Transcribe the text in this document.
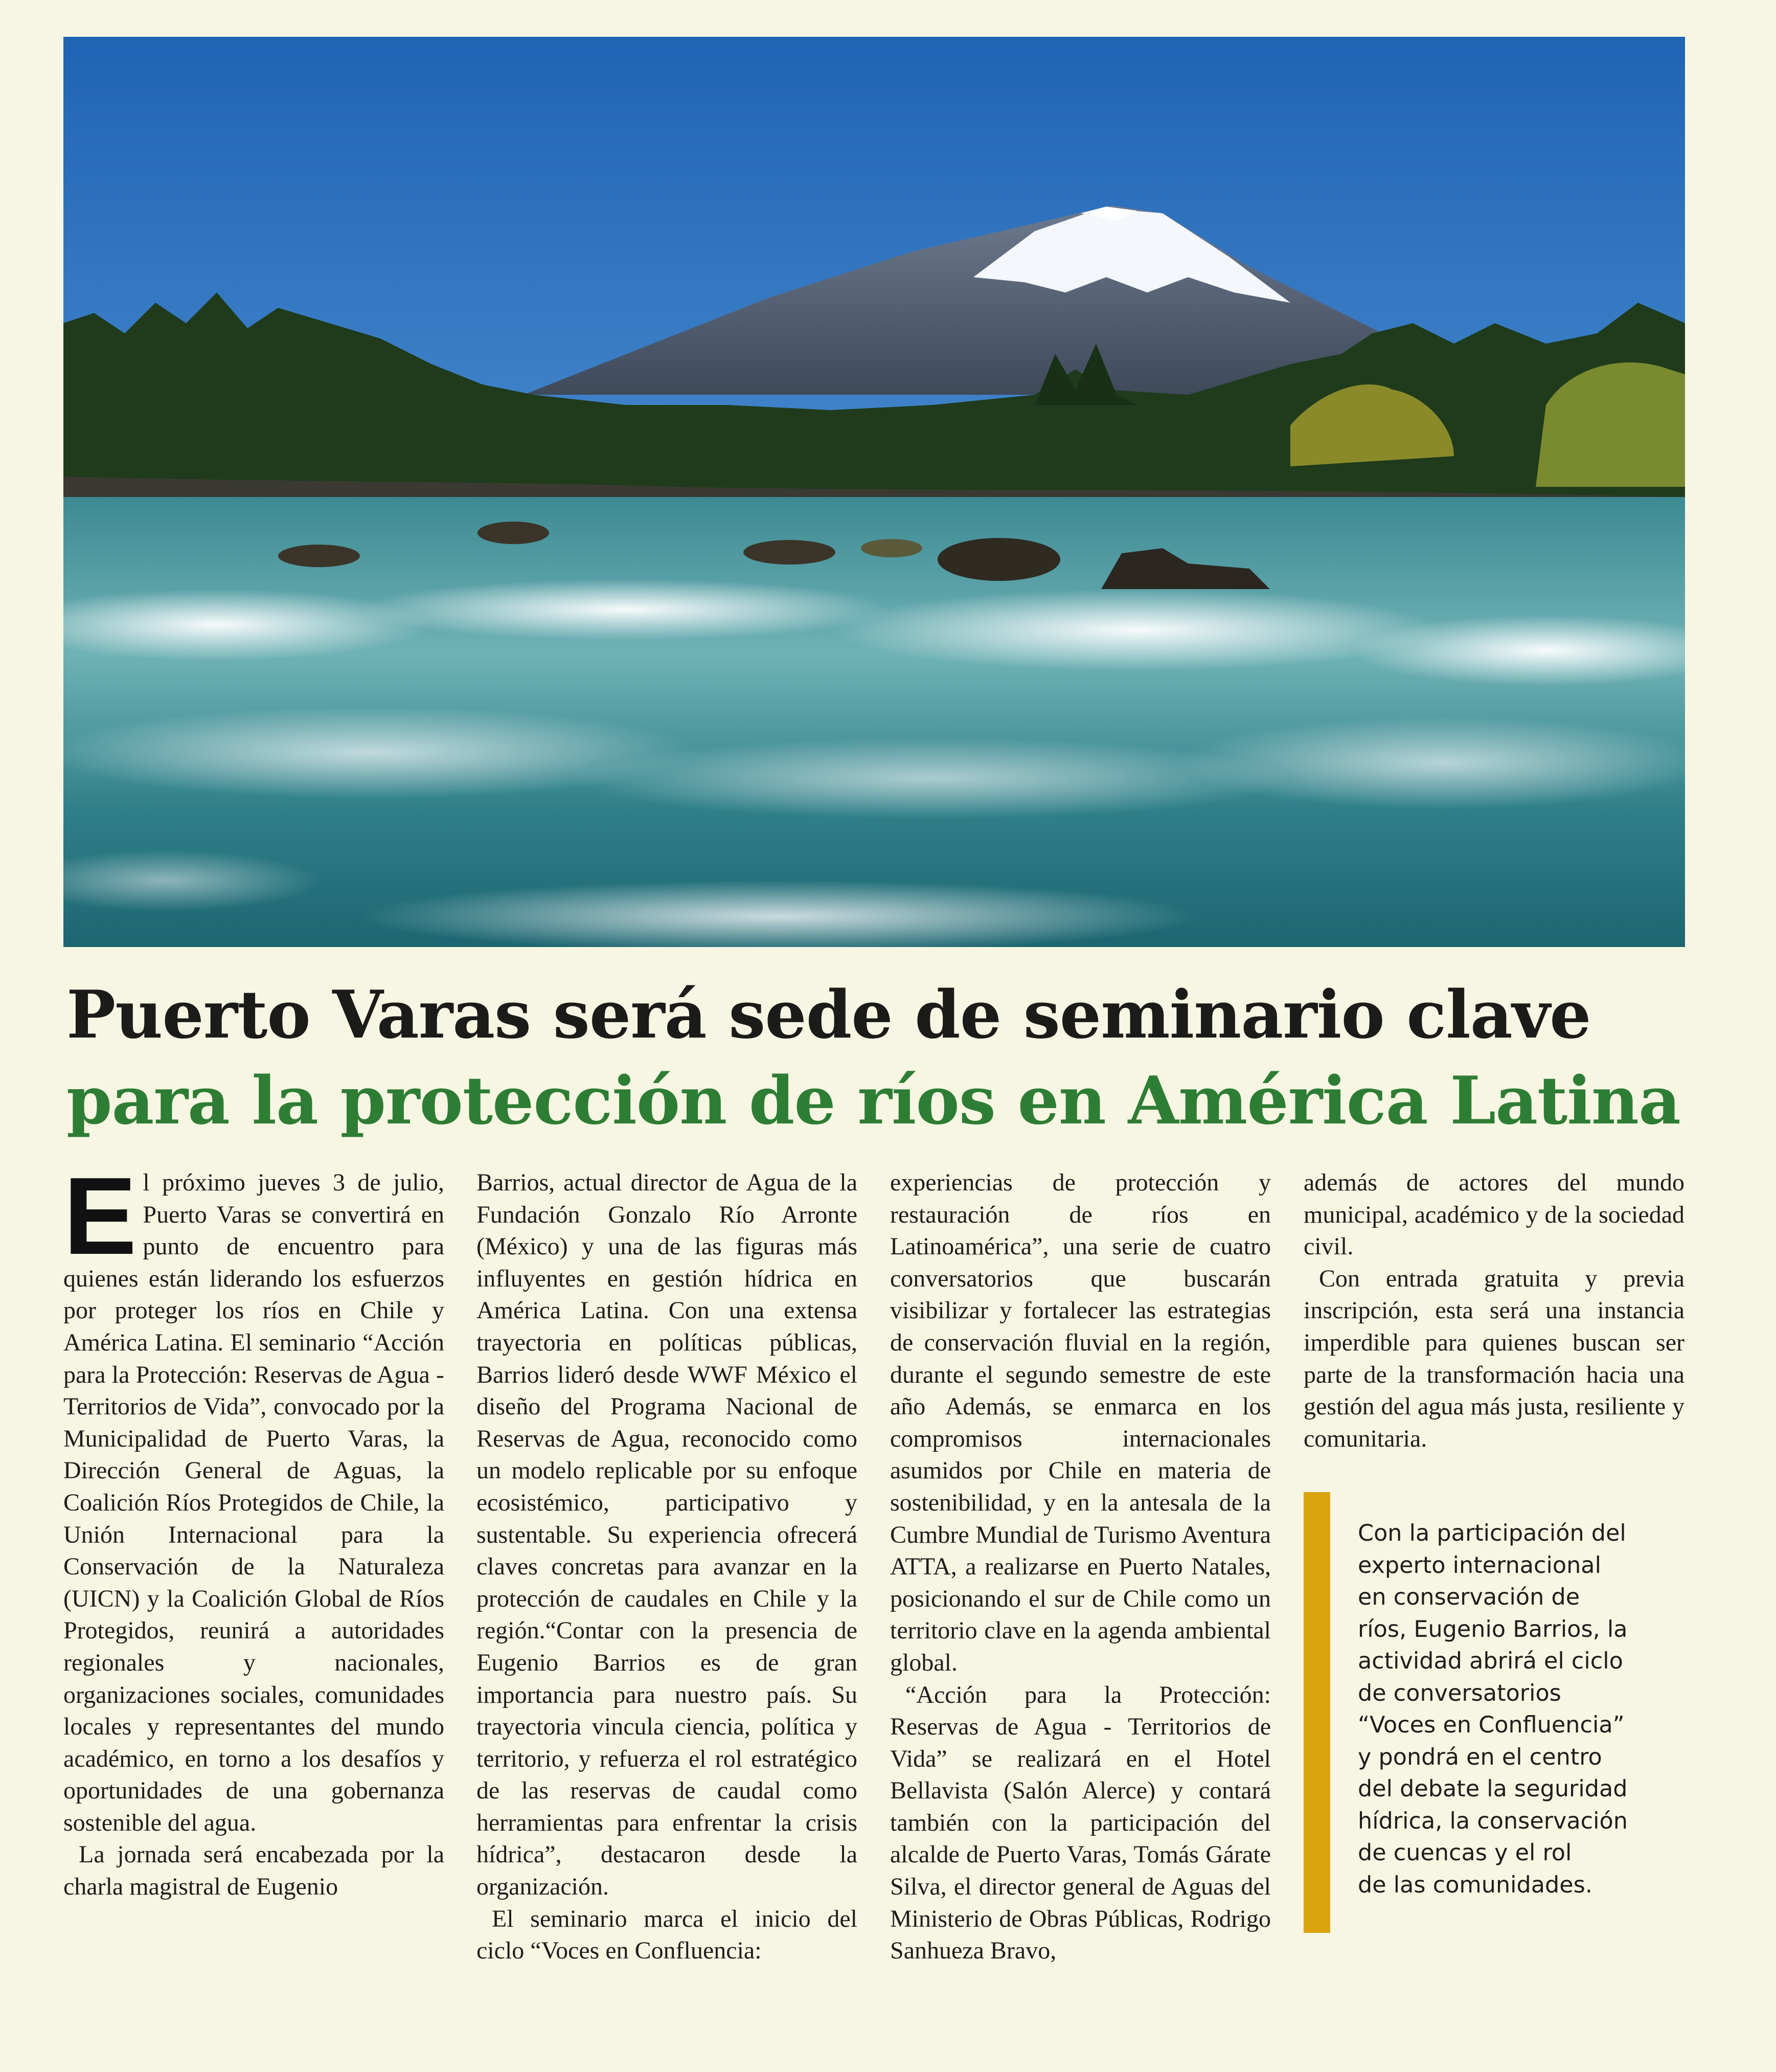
Puerto Varas será sede de seminario clave
para la protección de ríos en América Latina
E l próximo jueves 3 de julio, Puerto Varas se convertirá en punto de encuentro para quienes están liderando los esfuerzos por proteger los ríos en Chile y América Latina. El seminario “Acción para la Protección: Reservas de Agua - Territorios de Vida”, convocado por la Municipalidad de Puerto Varas, la Dirección General de Aguas, la Coalición Ríos Protegidos de Chile, la Unión Internacional para la Conservación de la Naturaleza (UICN) y la Coalición Global de Ríos Protegidos, reunirá a autoridades regionales y nacionales, organizaciones sociales, comunidades locales y representantes del mundo académico, en torno a los desafíos y oportunidades de una gobernanza sostenible del agua.

La jornada será encabezada por la charla magistral de Eugenio

Barrios, actual director de Agua de la Fundación Gonzalo Río Arronte (México) y una de las figuras más influyentes en gestión hídrica en América Latina. Con una extensa trayectoria en políticas públicas, Barrios lideró desde WWF México el diseño del Programa Nacional de Reservas de Agua, reconocido como un modelo replicable por su enfoque ecosistémico, participativo y sustentable. Su experiencia ofrecerá claves concretas para avanzar en la protección de caudales en Chile y la región.“Contar con la presencia de Eugenio Barrios es de gran importancia para nuestro país. Su trayectoria vincula ciencia, política y territorio, y refuerza el rol estratégico de las reservas de caudal como herramientas para enfrentar la crisis hídrica”, destacaron desde la organización.

El seminario marca el inicio del ciclo “Voces en Confluencia:

experiencias de protección y restauración de ríos en Latinoamérica”, una serie de cuatro conversatorios que buscarán visibilizar y fortalecer las estrategias de conservación fluvial en la región, durante el segundo semestre de este año Además, se enmarca en los compromisos internacionales asumidos por Chile en materia de sostenibilidad, y en la antesala de la Cumbre Mundial de Turismo Aventura ATTA, a realizarse en Puerto Natales, posicionando el sur de Chile como un territorio clave en la agenda ambiental global.

“Acción para la Protección: Reservas de Agua - Territorios de Vida” se realizará en el Hotel Bellavista (Salón Alerce) y contará también con la participación del alcalde de Puerto Varas, Tomás Gárate Silva, el director general de Aguas del Ministerio de Obras Públicas, Rodrigo Sanhueza Bravo,

además de actores del mundo municipal, académico y de la sociedad civil.

Con entrada gratuita y previa inscripción, esta será una instancia imperdible para quienes buscan ser parte de la transformación hacia una gestión del agua más justa, resiliente y comunitaria.

Con la participación del
experto internacional
en conservación de
ríos, Eugenio Barrios, la
actividad abrirá el ciclo
de conversatorios
“Voces en Confluencia”
y pondrá en el centro
del debate la seguridad
hídrica, la conservación
de cuencas y el rol
de las comunidades.
